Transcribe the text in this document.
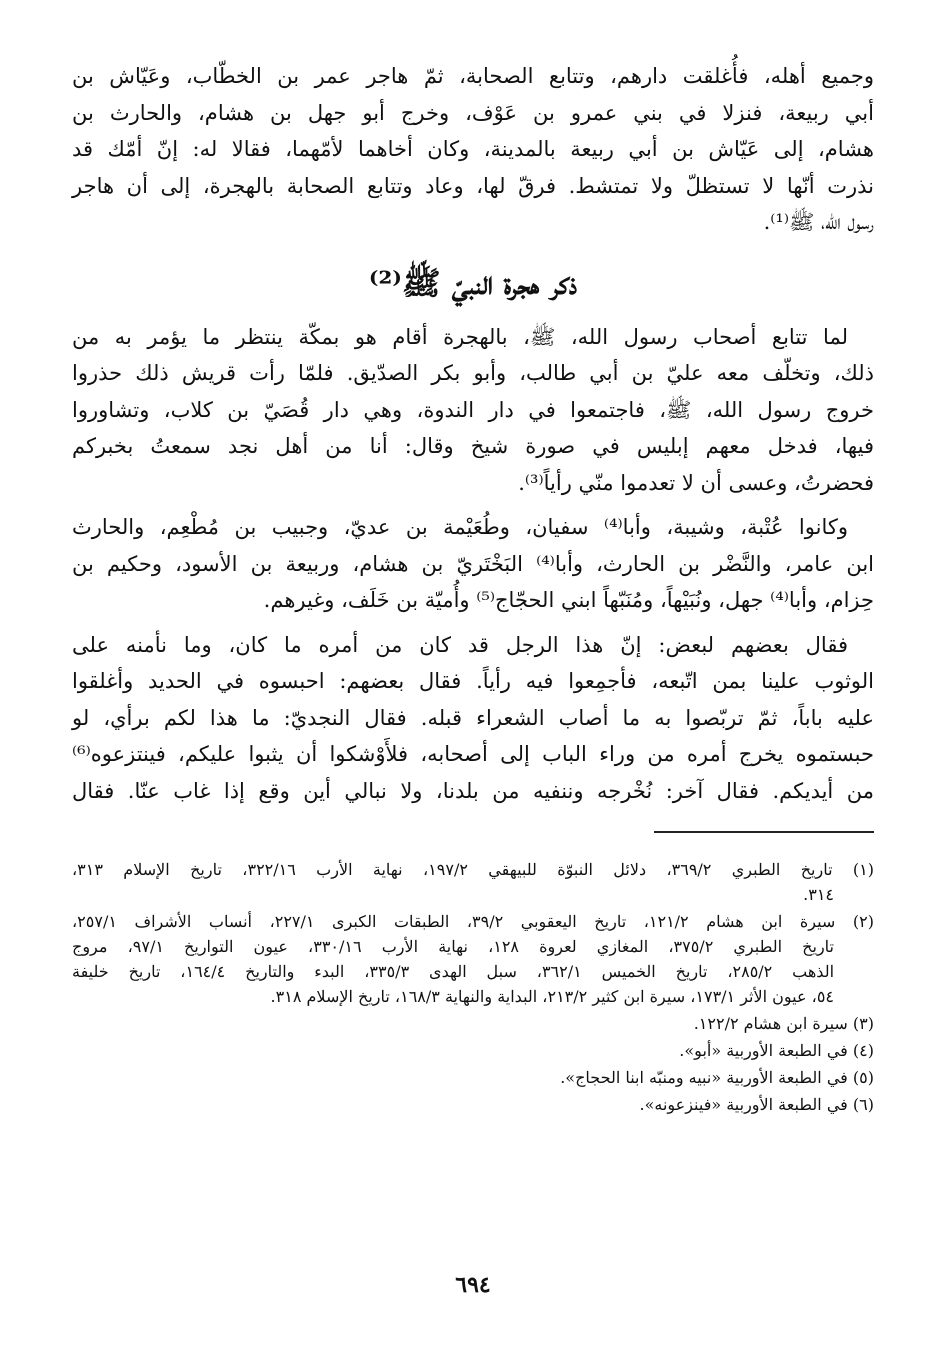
وجميع أهله، فأُغلقت دارهم، وتتابع الصحابة، ثمّ هاجر عمر بن الخطّاب، وعَيّاش بن
أبي ربيعة، فنزلا في بني عمرو بن عَوْف، وخرج أبو جهل بن هشام، والحارث بن
هشام، إلى عَيّاش بن أبي ربيعة بالمدينة، وكان أخاهما لأمّهما، فقالا له: إنّ أمّك قد
نذرت أنّها لا تستظلّ ولا تمتشط. فرقّ لها، وعاد وتتابع الصحابة بالهجرة، إلى أن هاجر
رسول الله، ﷺ⁽¹⁾.
ذكر هجرة النبيّ ﷺ⁽²⁾
لما تتابع أصحاب رسول الله، ﷺ، بالهجرة أقام هو بمكّة ينتظر ما يؤمر به من
ذلك، وتخلّف معه عليّ بن أبي طالب، وأبو بكر الصدّيق. فلمّا رأت قريش ذلك حذروا
خروج رسول الله، ﷺ، فاجتمعوا في دار الندوة، وهي دار قُصَيّ بن كلاب، وتشاوروا
فيها، فدخل معهم إبليس في صورة شيخ وقال: أنا من أهل نجد سمعتُ بخبركم
فحضرتُ، وعسى أن لا تعدموا منّي رأياً⁽³⁾.
وكانوا عُتْبة، وشيبة، وأبا⁽⁴⁾ سفيان، وطُعَيْمة بن عديّ، وجبيب بن مُطْعِم، والحارث
ابن عامر، والنَّضْر بن الحارث، وأبا⁽⁴⁾ البَخْتَريّ بن هشام، وربيعة بن الأسود، وحكيم بن
حِزام، وأبا⁽⁴⁾ جهل، ونُبَيْهاً، ومُنَبّهاً ابني الحجّاج⁽⁵⁾ وأُميّة بن خَلَف، وغيرهم.
فقال بعضهم لبعض: إنّ هذا الرجل قد كان من أمره ما كان، وما نأمنه على
الوثوب علينا بمن اتّبعه، فأجمِعوا فيه رأياً. فقال بعضهم: احبسوه في الحديد وأغلقوا
عليه باباً، ثمّ تربّصوا به ما أصاب الشعراء قبله. فقال النجديّ: ما هذا لكم برأي، لو
حبستموه يخرج أمره من وراء الباب إلى أصحابه، فلأَوْشكوا أن يثبوا عليكم، فينتزعوه⁽⁶⁾
من أيديكم. فقال آخر: نُخْرجه وننفيه من بلدنا، ولا نبالي أين وقع إذا غاب عنّا. فقال
(١) تاريخ الطبري ٣٦٩/٢، دلائل النبوّة للبيهقي ١٩٧/٢، نهاية الأرب ٣٢٢/١٦، تاريخ الإسلام ٣١٣،
٣١٤.
(٢) سيرة ابن هشام ١٢١/٢، تاريخ اليعقوبي ٣٩/٢، الطبقات الكبرى ٢٢٧/١، أنساب الأشراف ٢٥٧/١،
تاريخ الطبري ٣٧٥/٢، المغازي لعروة ١٢٨، نهاية الأرب ٣٣٠/١٦، عيون التواريخ ٩٧/١، مروج
الذهب ٢٨٥/٢، تاريخ الخميس ٣٦٢/١، سبل الهدى ٣٣٥/٣، البدء والتاريخ ١٦٤/٤، تاريخ خليفة
٥٤، عيون الأثر ١٧٣/١، سيرة ابن كثير ٢١٣/٢، البداية والنهاية ١٦٨/٣، تاريخ الإسلام ٣١٨.
(٣) سيرة ابن هشام ١٢٢/٢.
(٤) في الطبعة الأوربية «أبو».
(٥) في الطبعة الأوربية «نبيه ومنبّه ابنا الحجاج».
(٦) في الطبعة الأوربية «فينزعونه».
٦٩٤
